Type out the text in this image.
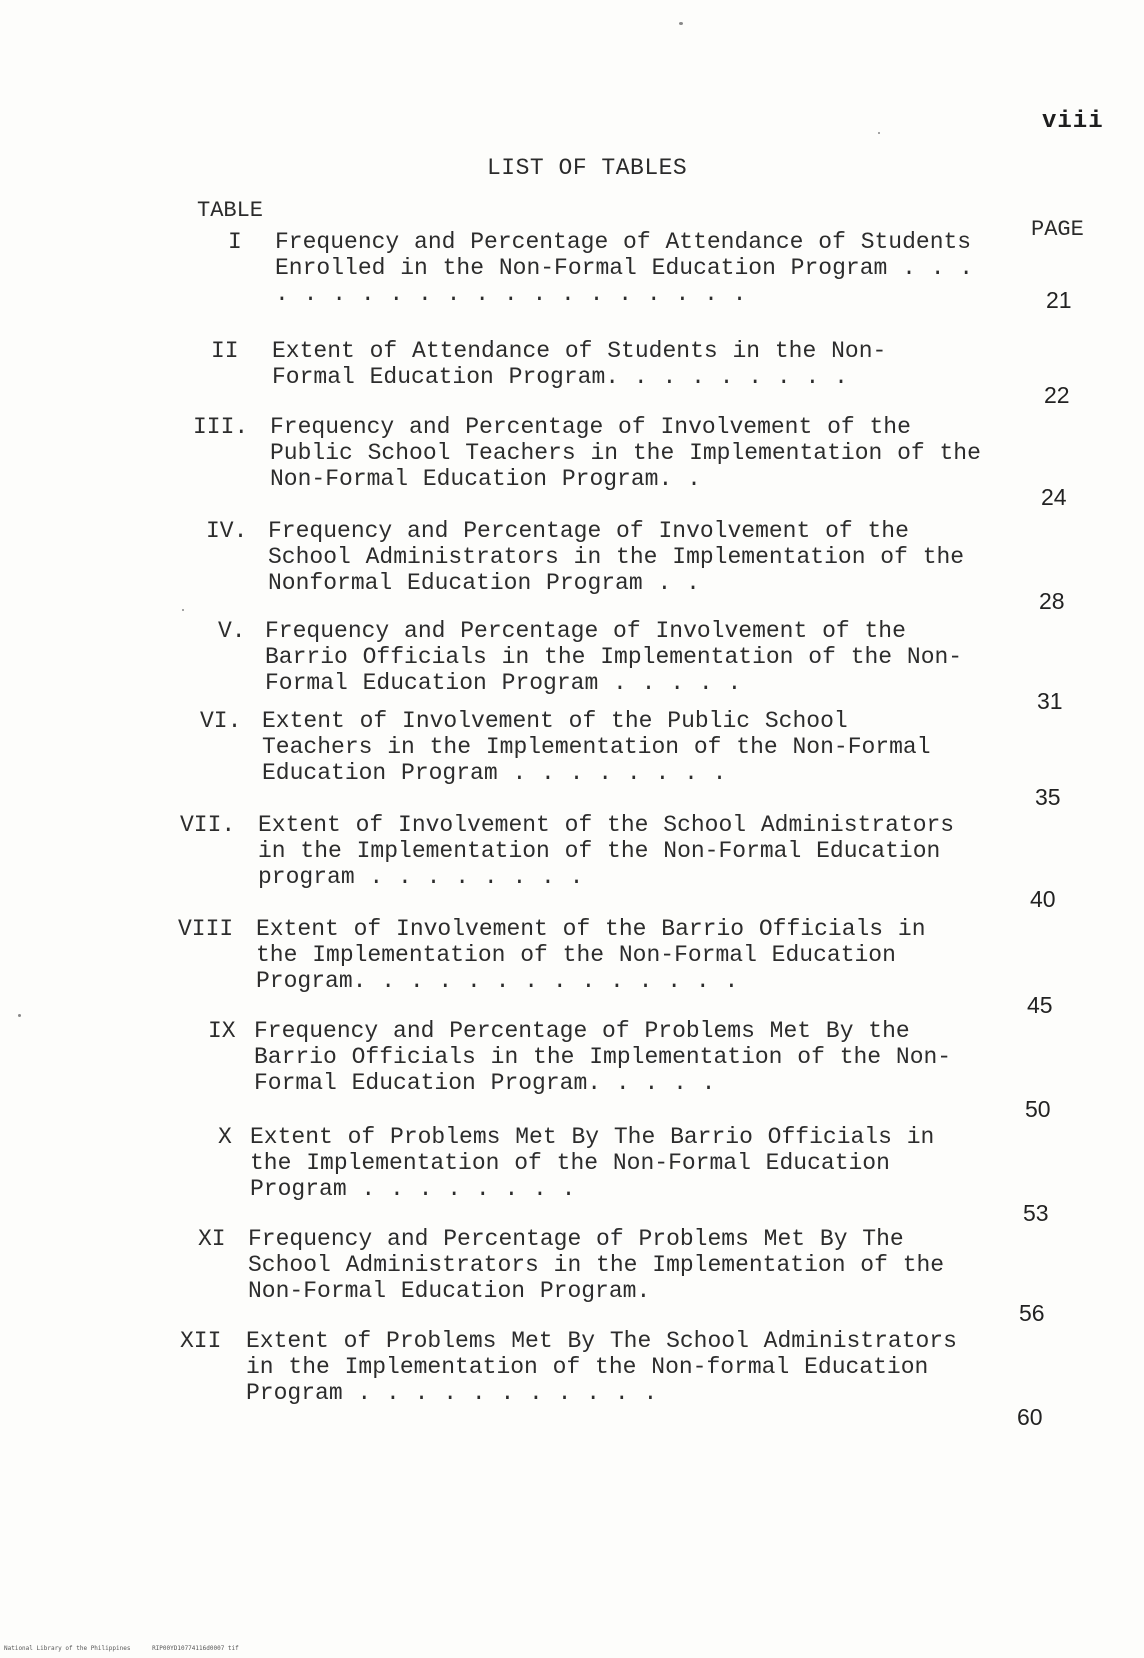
viii
LIST OF TABLES
TABLE
PAGE
I Frequency and Percentage of Attendance of Students Enrolled in the Non-Formal Education Program . . . . . . . . . . . . . . . . . . . .	21
II Extent of Attendance of Students in the Non-Formal Education Program. . . . . . . . .
22
III. Frequency and Percentage of Involvement of the Public School Teachers in the Implementation of the Non-Formal Education Program. .
24
IV. Frequency and Percentage of Involvement of the School Administrators in the Implementation of the Nonformal Education Program . .
28
V. Frequency and Percentage of Involvement of the Barrio Officials in the Implementation of the Non-Formal Education Program . . . . .
31
VI. Extent of Involvement of the Public School Teachers in the Implementation of the Non-Formal Education Program . . . . . . . .
35
VII. Extent of Involvement of the School Administrators in the Implementation of the Non-Formal Education program . . . . . . . .
40
VIII Extent of Involvement of the Barrio Officials in the Implementation of the Non-Formal Education Program. . . . . . . . . . . . . .
45
IX Frequency and Percentage of Problems Met By the Barrio Officials in the Implementation of the Non-Formal Education Program. . . . .
50
X Extent of Problems Met By The Barrio Officials in the Implementation of the Non-Formal Education Program . . . . . . . .
53
XI Frequency and Percentage of Problems Met By The School Administrators in the Implementation of the Non-Formal Education Program.
56
XII Extent of Problems Met By The School Administrators in the Implementation of the Non-formal Education Program . . . . . . . . . . .
60
National Library of the Philippines	RIP00YD10774116d0007 tif
